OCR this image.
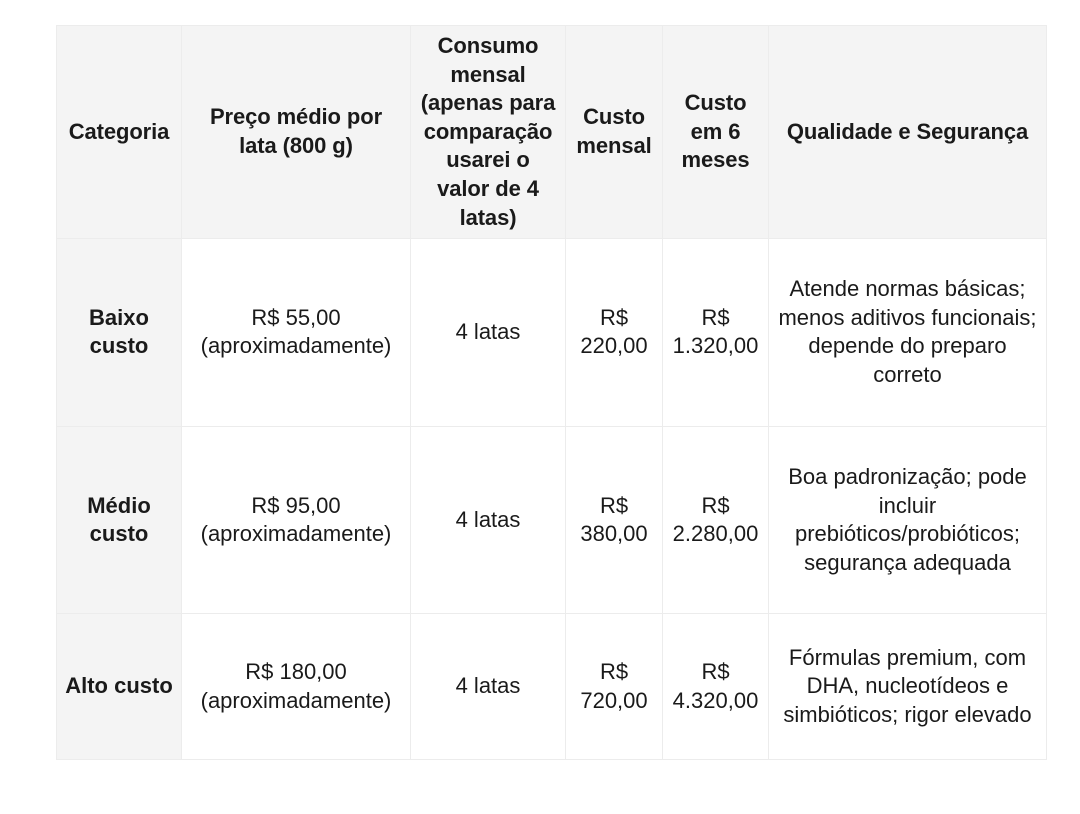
Categoria	Preço médio por lata (800 g)	Consumo mensal (apenas para comparação usarei o valor de 4 latas)	Custo mensal	Custo em 6 meses	Qualidade e Segurança
Baixo custo	R$ 55,00 (aproximadamente)	4 latas	R$ 220,00	R$ 1.320,00	Atende normas básicas; menos aditivos funcionais; depende do preparo correto
Médio custo	R$ 95,00 (aproximadamente)	4 latas	R$ 380,00	R$ 2.280,00	Boa padronização; pode incluir prebióticos/probióticos; segurança adequada
Alto custo	R$ 180,00 (aproximadamente)	4 latas	R$ 720,00	R$ 4.320,00	Fórmulas premium, com DHA, nucleotídeos e simbióticos; rigor elevado
